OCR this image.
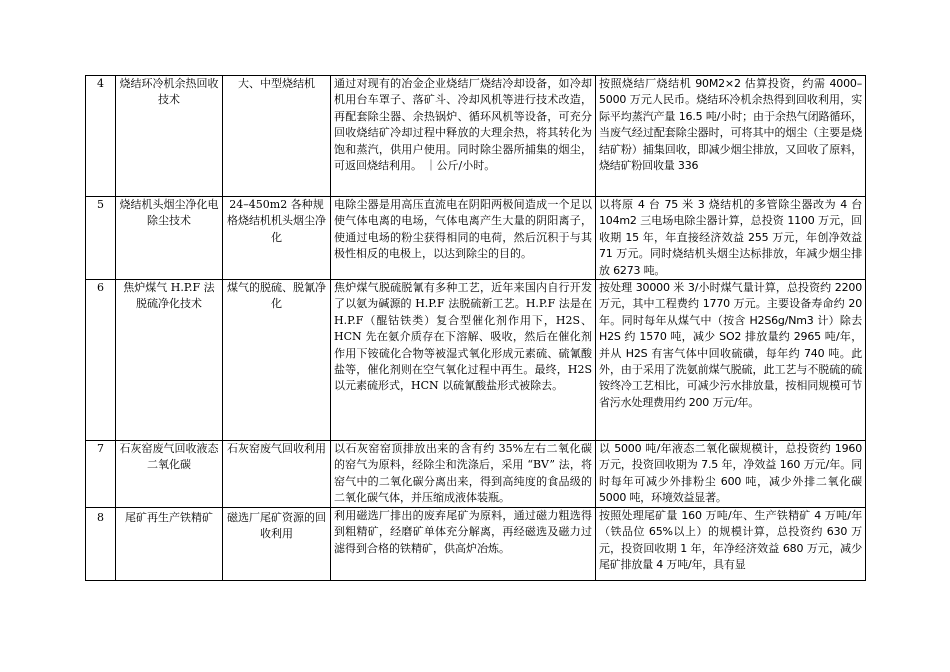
4	烧结环冷机余热回收技术	大、中型烧结机	通过对现有的冶金企业烧结厂烧结冷却设备，如冷却机用台车罩子、落矿斗、冷却风机等进行技术改造，再配套除尘器、余热锅炉、循环风机等设备，可充分回收烧结矿冷却过程中释放的大理余热，将其转化为饱和蒸汽，供用户使用。同时除尘器所捕集的烟尘，可返回烧结利用。 ｜公斤/小时。	按照烧结厂烧结机 90M2×2 估算投资，约需 4000–5000 万元人民币。烧结环冷机余热得到回收利用，实际平均蒸汽产量 16.5 吨/小时；由于余热气闭路循环，当废气经过配套除尘器时，可将其中的烟尘（主要是烧结矿粉）捕集回收，即减少烟尘排放，又回收了原料，烧结矿粉回收量 336

5	烧结机头烟尘净化电除尘技术	24–450m2 各种规格烧结机机头烟尘净化	电除尘器是用高压直流电在阴阳两极间造成一个足以使气体电离的电场，气体电离产生大量的阴阳离子，使通过电场的粉尘获得相同的电荷，然后沉积于与其极性相反的电极上，以达到除尘的目的。	以将原 4 台 75 米 3 烧结机的多管除尘器改为 4 台 104m2 三电场电除尘器计算，总投资 1100 万元，回收期 15 年，年直接经济效益 255 万元，年创净效益 71 万元。同时烧结机头烟尘达标排放，年减少烟尘排放 6273 吨。

6	焦炉煤气 H.P.F 法脱硫净化技术	煤气的脱硫、脱氰净化	焦炉煤气脱硫脱氰有多种工艺，近年来国内自行开发了以氨为碱源的 H.P.F 法脱硫新工艺。H.P.F 法是在 H.P.F（醌钴铁类）复合型催化剂作用下，H2S、HCN 先在氨介质存在下溶解、吸收，然后在催化剂作用下铵硫化合物等被湿式氧化形成元素硫、硫氰酸盐等，催化剂则在空气氧化过程中再生。最终，H2S 以元素硫形式，HCN 以硫氰酸盐形式被除去。	按处理 30000 米 3/小时煤气量计算，总投资约 2200 万元，其中工程费约 1770 万元。主要设备寿命约 20 年。同时每年从煤气中（按含 H2S6g/Nm3 计）除去 H2S 约 1570 吨，减少 SO2 排放量约 2965 吨/年，并从 H2S 有害气体中回收硫磺，每年约 740 吨。此外，由于采用了洗氨前煤气脱硫，此工艺与不脱硫的硫铵终冷工艺相比，可减少污水排放量，按相同规模可节省污水处理费用约 200 万元/年。

7	石灰窑废气回收液态二氧化碳	石灰窑废气回收利用	以石灰窑窑顶排放出来的含有约 35%左右二氧化碳的窑气为原料，经除尘和洗涤后，采用 “BV” 法，将窑气中的二氧化碳分离出来，得到高纯度的食品级的二氧化碳气体，并压缩成液体装瓶。	以 5000 吨/年液态二氧化碳规模计，总投资约 1960 万元，投资回收期为 7.5 年，净效益 160 万元/年。同时每年可减少外排粉尘 600 吨，减少外排二氧化碳 5000 吨，环境效益显著。

8	尾矿再生产铁精矿	磁选厂尾矿资源的回收利用	利用磁选厂排出的废弃尾矿为原料，通过磁力粗选得到粗精矿，经磨矿单体充分解离，再经磁选及磁力过滤得到合格的铁精矿，供高炉冶炼。	按照处理尾矿量 160 万吨/年、生产铁精矿 4 万吨/年（铁品位 65%以上）的规模计算，总投资约 630 万元，投资回收期 1 年，年净经济效益 680 万元，减少尾矿排放量 4 万吨/年，具有显
